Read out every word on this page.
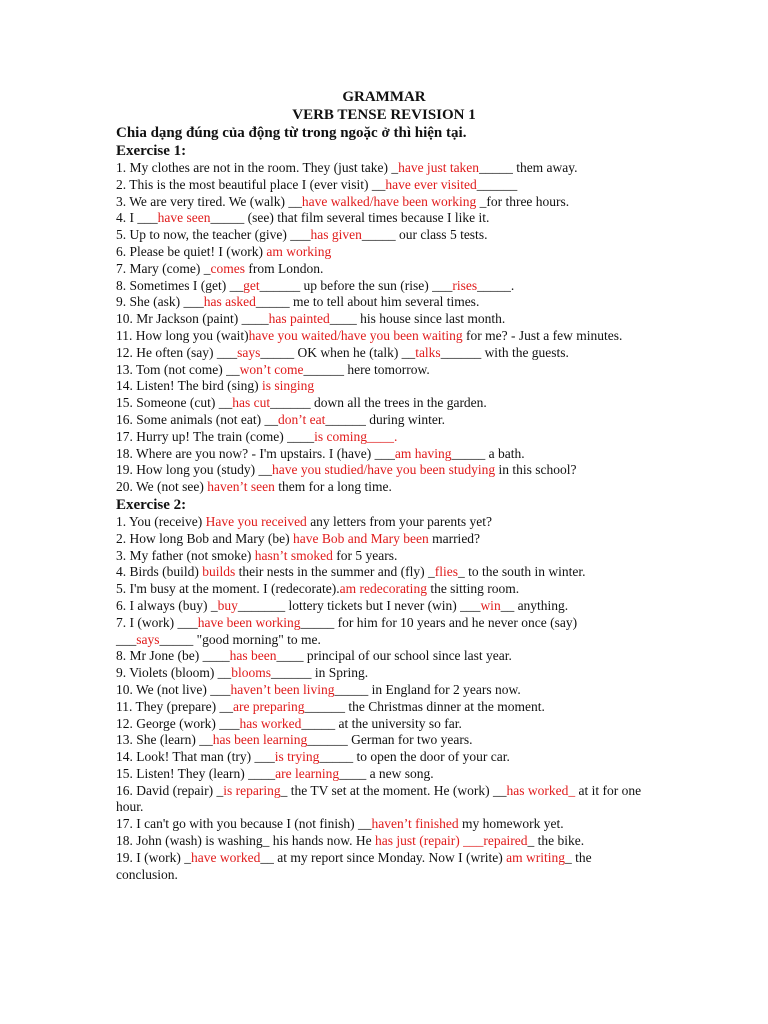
GRAMMAR
VERB TENSE REVISION 1

Chia dạng đúng của động từ trong ngoặc ở thì hiện tại.

Exercise 1:

1. My clothes are not in the room. They (just take) _have just taken_____ them away.

2. This is the most beautiful place I (ever visit) __have ever visited______

3. We are very tired. We (walk) __have walked/have been working _for three hours.

4. I ___have seen_____ (see) that film several times because I like it.

5. Up to now, the teacher (give) ___has given_____ our class 5 tests.

6. Please be quiet! I (work) am working

7. Mary (come) _comes from London.

8. Sometimes I (get) __get______ up before the sun (rise) ___rises_____.

9. She (ask) ___has asked_____ me to tell about him several times.

10. Mr Jackson (paint) ____has painted____ his house since last month.

11. How long you (wait)have you waited/have you been waiting for me? - Just a few minutes.

12. He often (say) ___says_____ OK when he (talk) __talks______ with the guests.

13. Tom (not come) __won’t come______ here tomorrow.

14. Listen! The bird (sing) is singing

15. Someone (cut) __has cut______ down all the trees in the garden.

16. Some animals (not eat) __don’t eat______ during winter.

17. Hurry up! The train (come) ____is coming____.

18. Where are you now? - I'm upstairs. I (have) ___am having_____ a bath.

19. How long you (study) __have you studied/have you been studying in this school?

20. We (not see) haven’t seen them for a long time.

Exercise 2:

1. You (receive) Have you received any letters from your parents yet?

2. How long Bob and Mary (be) have Bob and Mary been married?

3. My father (not smoke) hasn’t smoked for 5 years.

4. Birds (build) builds their nests in the summer and (fly) _flies_ to the south in winter.

5. I'm busy at the moment. I (redecorate).am redecorating the sitting room.

6. I always (buy) _buy_______ lottery tickets but I never (win) ___win__ anything.

7. I (work) ___have been working_____ for him for 10 years and he never once (say) ___says_____ "good morning" to me.

8. Mr Jone (be) ____has been____ principal of our school since last year.

9. Violets (bloom) __blooms______ in Spring.

10. We (not live) ___haven’t been living_____ in England for 2 years now.

11. They (prepare) __are preparing______ the Christmas dinner at the moment.

12. George (work) ___has worked_____ at the university so far.

13. She (learn) __has been learning______ German for two years.

14. Look! That man (try) ___is trying_____ to open the door of your car.

15. Listen! They (learn) ____are learning____ a new song.

16. David (repair) _is reparing_ the TV set at the moment. He (work) __has worked_ at it for one hour.

17. I can't go with you because I (not finish) __haven’t finished my homework yet.

18. John (wash) is washing_ his hands now. He has just (repair) ___repaired_ the bike.

19. I (work) _have worked__ at my report since Monday. Now I (write) am writing_ the conclusion.
